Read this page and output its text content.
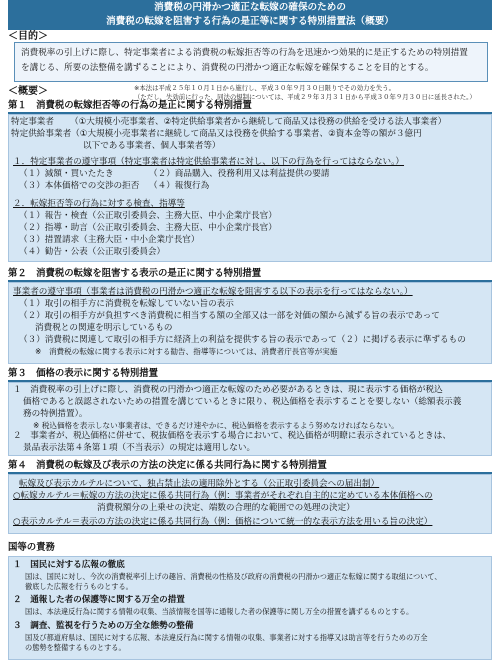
消費税の円滑かつ適正な転嫁の確保のための
消費税の転嫁を阻害する行為の是正等に関する特別措置法（概要）
＜目的＞
消費税率の引上げに際し、特定事業者による消費税の転嫁拒否等の行為を迅速かつ効果的に是正するための特別措置
を講じる、所要の法整備を講ずることにより、消費税の円滑かつ適正な転嫁を確保することを目的とする。
＜概要＞	※本法は平成２５年１０月１日から施行し、平成３０年９月３０日限りでその効力を失う。
（ただし、失効前に行った、同法の規制については、平成２９年３月３１日から平成３０年９月３０日に延長された。）
第１　消費税の転嫁拒否等の行為の是正に関する特別措置
特定事業者 （①大規模小売事業者、②特定供給事業者から継続して商品又は役務の供給を受ける法人事業者）
特定供給事業者（①大規模小売事業者に継続して商品又は役務を供給する事業者、②資本金等の額が３億円
以下である事業者、個人事業者等）
１．特定事業者の遵守事項（特定事業者は特定供給事業者に対し、以下の行為を行ってはならない。）
（１）減額・買いたたき	（２）商品購入、役務利用又は利益提供の要請
（３）本体価格での交渉の拒否 （４）報復行為
２．転嫁拒否等の行為に対する検査、指導等
（１）報告・検査（公正取引委員会、主務大臣、中小企業庁長官）
（２）指導・助言（公正取引委員会、主務大臣、中小企業庁長官）
（３）措置請求（主務大臣・中小企業庁長官）
（４）勧告・公表（公正取引委員会）
第２　消費税の転嫁を阻害する表示の是正に関する特別措置
事業者の遵守事項（事業者は消費税の円滑かつ適正な転嫁を阻害する以下の表示を行ってはならない。）
（１）取引の相手方に消費税を転嫁していない旨の表示
（２）取引の相手方が負担すべき消費税に相当する額の全部又は一部を対価の額から減ずる旨の表示であって
消費税との関連を明示しているもの
（３）消費税に関連して取引の相手方に経済上の利益を提供する旨の表示であって（２）に掲げる表示に準ずるもの
※　消費税の転嫁に関する表示に対する勧告、指導等については、消費者庁長官等が実施
第３　価格の表示に関する特別措置
１　消費税率の引上げに際し、消費税の円滑かつ適正な転嫁のため必要があるときは、現に表示する価格が税込
価格であると誤認されないための措置を講じているときに限り、税込価格を表示することを要しない（総額表示義
務の特例措置）。
※ 税込価格を表示しない事業者は、できるだけ速やかに、税込価格を表示するよう努めなければならない。
２　事業者が、税込価格に併せて、税抜価格を表示する場合において、税込価格が明瞭に表示されているときは、
景品表示法第４条第１項（不当表示）の規定は適用しない。
第４　消費税の転嫁及び表示の方法の決定に係る共同行為に関する特別措置
転嫁及び表示カルテルについて、独占禁止法の適用除外とする（公正取引委員会への届出制）
○転嫁カルテル＝転嫁の方法の決定に係る共同行為（例：事業者がそれぞれ自主的に定めている本体価格への
消費税額分の上乗せの決定、端数の合理的な範囲での処理の決定）
○表示カルテル＝表示の方法の決定に係る共同行為（例：価格について統一的な表示方法を用いる旨の決定）
国等の責務
１　国民に対する広報の徹底
国は、国民に対し、今次の消費税率引上げの趣旨、消費税の性格及び政府の消費税の円滑かつ適正な転嫁に関する取組について、
徹底した広報を行うものとする。
２　通報した者の保護等に関する万全の措置
国は、本法違反行為に関する情報の収集、当該情報を国等に通報した者の保護等に関し万全の措置を講ずるものとする。
３　調査、監視を行うための万全な態勢の整備
国及び都道府県は、国民に対する広報、本法違反行為に関する情報の収集、事業者に対する指導又は助言等を行うための万全
の態勢を整備するものとする。
